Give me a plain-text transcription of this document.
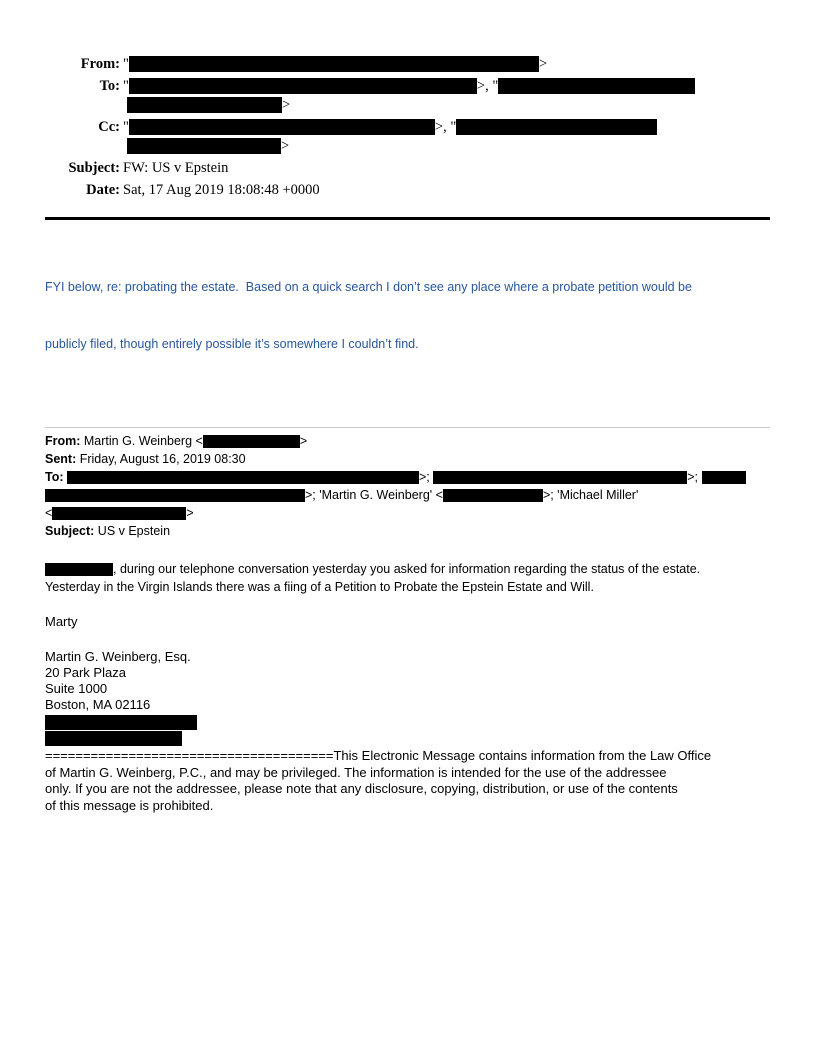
From: "	>
To: "	>, "
>
Cc: "	>, "
>
Subject: FW: US v Epstein
Date: Sat, 17 Aug 2019 18:08:48 +0000

FYI below, re: probating the estate.  Based on a quick search I don’t see any place where a probate petition would be

publicly filed, though entirely possible it’s somewhere I couldn’t find.

From: Martin G. Weinberg <	>
Sent: Friday, August 16, 2019 08:30
To:	>;	>;
>; 'Martin G. Weinberg' <	>; 'Michael Miller'
<	>
Subject: US v Epstein
, during our telephone conversation yesterday you asked for information regarding the status of the estate.
Yesterday in the Virgin Islands there was a fiing of a Petition to Probate the Epstein Estate and Will.
Marty
Martin G. Weinberg, Esq.
20 Park Plaza
Suite 1000
Boston, MA 02116
======================================This Electronic Message contains information from the Law Office
of Martin G. Weinberg, P.C., and may be privileged. The information is intended for the use of the addressee
only. If you are not the addressee, please note that any disclosure, copying, distribution, or use of the contents
of this message is prohibited.
